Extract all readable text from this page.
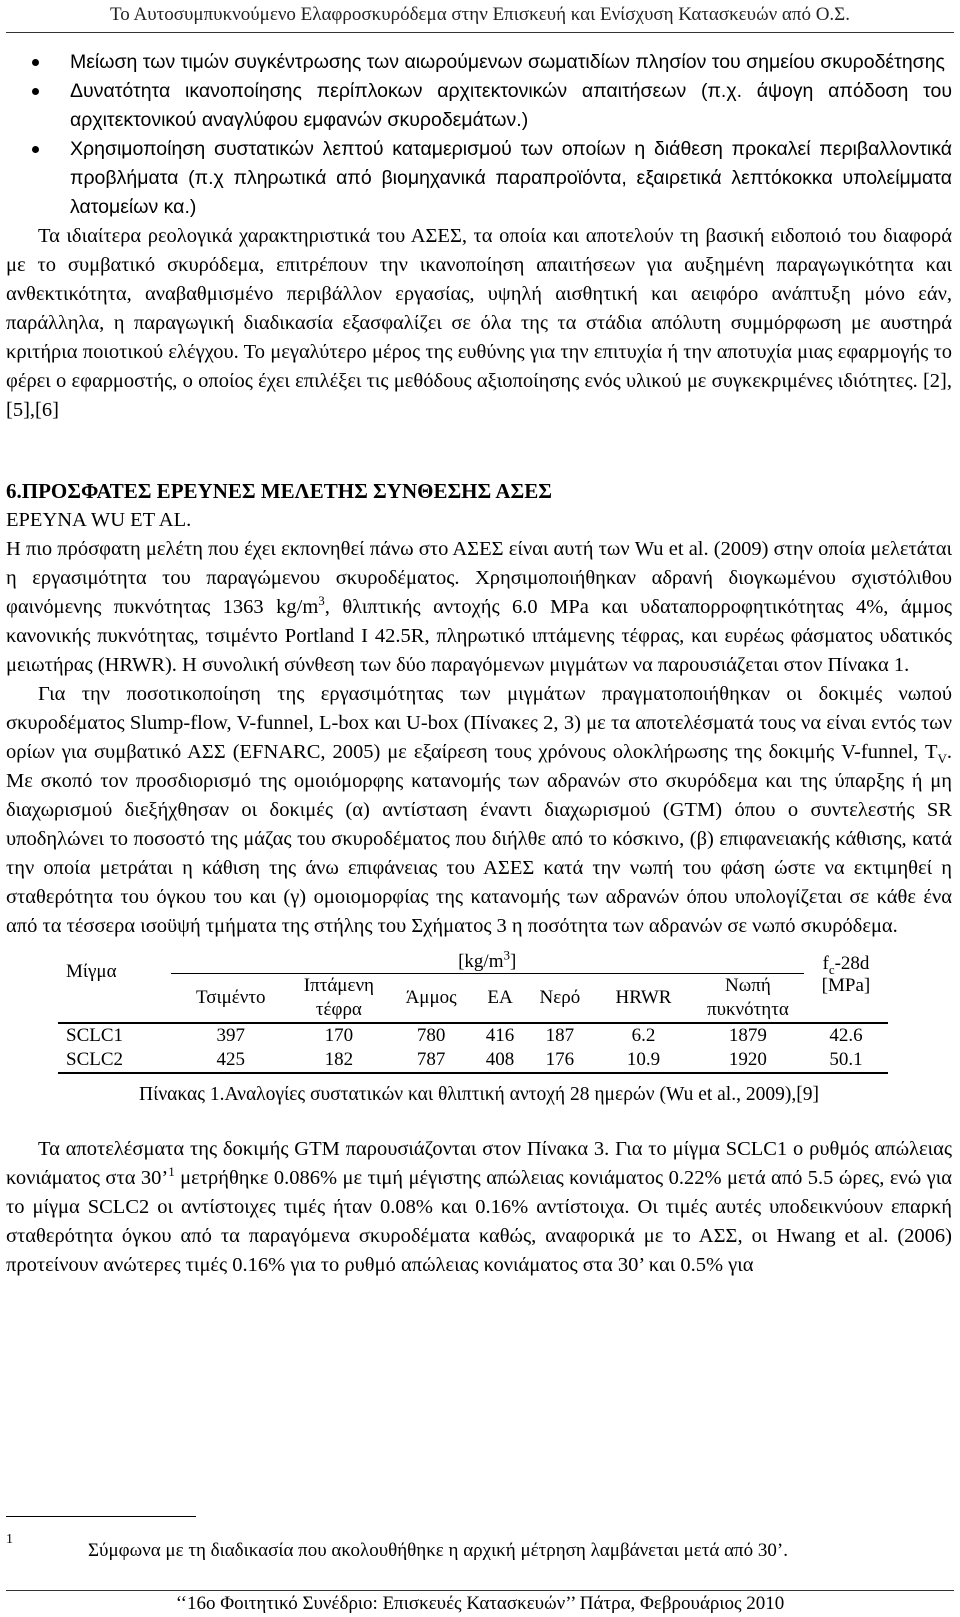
Το Αυτοσυμπυκνούμενο Ελαφροσκυρόδεμα στην Επισκευή και Ενίσχυση Κατασκευών από Ο.Σ.
Μείωση των τιμών συγκέντρωσης των αιωρούμενων σωματιδίων πλησίον του σημείου σκυροδέτησης
Δυνατότητα ικανοποίησης περίπλοκων αρχιτεκτονικών απαιτήσεων (π.χ. άψογη απόδοση του αρχιτεκτονικού αναγλύφου εμφανών σκυροδεμάτων.)
Χρησιμοποίηση συστατικών λεπτού καταμερισμού των οποίων η διάθεση προκαλεί περιβαλλοντικά προβλήματα (π.χ πληρωτικά από βιομηχανικά παραπροϊόντα, εξαιρετικά λεπτόκοκκα υπολείμματα λατομείων κα.)

Τα ιδιαίτερα ρεολογικά χαρακτηριστικά του ΑΣΕΣ, τα οποία και αποτελούν τη βασική ειδοποιό του διαφορά με το συμβατικό σκυρόδεμα, επιτρέπουν την ικανοποίηση απαιτήσεων για αυξημένη παραγωγικότητα και ανθεκτικότητα, αναβαθμισμένο περιβάλλον εργασίας, υψηλή αισθητική και αειφόρο ανάπτυξη μόνο εάν, παράλληλα, η παραγωγική διαδικασία εξασφαλίζει σε όλα της τα στάδια απόλυτη συμμόρφωση με αυστηρά κριτήρια ποιοτικού ελέγχου. Το μεγαλύτερο μέρος της ευθύνης για την επιτυχία ή την αποτυχία μιας εφαρμογής το φέρει ο εφαρμοστής, ο οποίος έχει επιλέξει τις μεθόδους αξιοποίησης ενός υλικού με συγκεκριμένες ιδιότητες. [2],[5],[6]

6.ΠΡΟΣΦΑΤΕΣ ΕΡΕΥΝΕΣ ΜΕΛΕΤΗΣ ΣΥΝΘΕΣΗΣ ΑΣΕΣ
ΕΡΕΥΝΑ WU ET AL.

Η πιο πρόσφατη μελέτη που έχει εκπονηθεί πάνω στο ΑΣΕΣ είναι αυτή των Wu et al. (2009) στην οποία μελετάται η εργασιμότητα του παραγώμενου σκυροδέματος. Χρησιμοποιήθηκαν αδρανή διογκωμένου σχιστόλιθου φαινόμενης πυκνότητας 1363 $kg/m^3$, θλιπτικής αντοχής 6.0 MPa και υδαταπορροφητικότητας 4%, άμμος κανονικής πυκνότητας, τσιμέντο Portland I 42.5R, πληρωτικό ιπτάμενης τέφρας, και ευρέως φάσματος υδατικός μειωτήρας (HRWR). Η συνολική σύνθεση των δύο παραγόμενων μιγμάτων να παρουσιάζεται στον Πίνακα 1.

Για την ποσοτικοποίηση της εργασιμότητας των μιγμάτων πραγματοποιήθηκαν οι δοκιμές νωπού σκυροδέματος Slump-flow, V-funnel, L-box και U-box (Πίνακες 2, 3) με τα αποτελέσματά τους να είναι εντός των ορίων για συμβατικό ΑΣΣ (EFNARC, 2005) με εξαίρεση τους χρόνους ολοκλήρωσης της δοκιμής V-funnel, $T_V$. Με σκοπό τον προσδιορισμό της ομοιόμορφης κατανομής των αδρανών στο σκυρόδεμα και της ύπαρξης ή μη διαχωρισμού διεξήχθησαν οι δοκιμές (α) αντίσταση έναντι διαχωρισμού (GTM) όπου ο συντελεστής SR υποδηλώνει το ποσοστό της μάζας του σκυροδέματος που διήλθε από το κόσκινο, (β) επιφανειακής κάθισης, κατά την οποία μετράται η κάθιση της άνω επιφάνειας του ΑΣΕΣ κατά την νωπή του φάση ώστε να εκτιμηθεί η σταθερότητα του όγκου του και (γ) ομοιομορφίας της κατανομής των αδρανών όπου υπολογίζεται σε κάθε ένα από τα τέσσερα ισοϋψή τμήματα της στήλης του Σχήματος 3 η ποσότητα των αδρανών σε νωπό σκυρόδεμα.

Μίγμα	$[kg/m^3]$							$f_c-28d$
[MPa]
	Τσιμέντο	Ιπτάμενη τέφρα	Άμμος	ΕΑ	Νερό	HRWR	Νωπή πυκνότητα	
SCLC1	397	170	780	416	187	6.2	1879	42.6
SCLC2	425	182	787	408	176	10.9	1920	50.1
Πίνακας 1.Αναλογίες συστατικών και θλιπτική αντοχή 28 ημερών (Wu et al., 2009),[9]

Τα αποτελέσματα της δοκιμής GTM παρουσιάζονται στον Πίνακα 3. Για το μίγμα SCLC1 ο ρυθμός απώλειας κονιάματος στα 30’$^1$ μετρήθηκε 0.086% με τιμή μέγιστης απώλειας κονιάματος 0.22% μετά από 5.5 ώρες, ενώ για το μίγμα SCLC2 οι αντίστοιχες τιμές ήταν 0.08% και 0.16% αντίστοιχα. Οι τιμές αυτές υποδεικνύουν επαρκή σταθερότητα όγκου από τα παραγόμενα σκυροδέματα καθώς, αναφορικά με το ΑΣΣ, οι Hwang et al. (2006) προτείνουν ανώτερες τιμές 0.16% για το ρυθμό απώλειας κονιάματος στα 30’ και 0.5% για

1
Σύμφωνα με τη διαδικασία που ακολουθήθηκε η αρχική μέτρηση λαμβάνεται μετά από 30’.
‘‘16ο Φοιτητικό Συνέδριο: Επισκευές Κατασκευών’’ Πάτρα, Φεβρουάριος 2010
